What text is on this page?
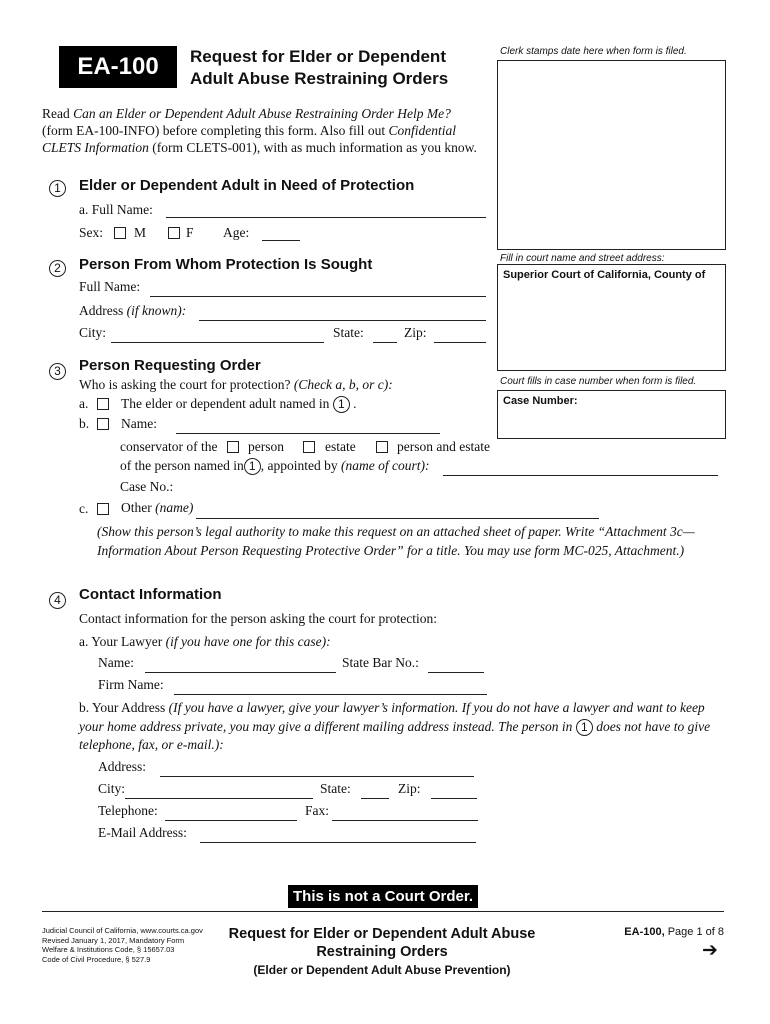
EA-100	Request for Elder or Dependent
Adult Abuse Restraining Orders
Clerk stamps date here when form is filed.
Fill in court name and street address:
Superior Court of California, County of
Court fills in case number when form is filed.
Case Number:
Read Can an Elder or Dependent Adult Abuse Restraining Order Help Me? (form EA-100-INFO) before completing this form. Also fill out Confidential CLETS Information (form CLETS-001), with as much information as you know.
1	Elder or Dependent Adult in Need of Protection
a. Full Name:
Sex: M	F Age:
2	Person From Whom Protection Is Sought
Full Name:
Address (if known):
City:	State:	Zip:
3	Person Requesting Order
Who is asking the court for protection? (Check a, b, or c):
a. The elder or dependent adult named in 1 .
b. Name:
conservator of the person	estate	person and estate
of the person named in 1 , appointed by (name of court):
Case No.:
c. Other (name)
(Show this person’s legal authority to make this request on an attached sheet of paper. Write “Attachment 3c—Information About Person Requesting Protective Order” for a title. You may use form MC-025, Attachment.)
4	Contact Information
Contact information for the person asking the court for protection:
a. Your Lawyer (if you have one for this case):
Name:	State Bar No.:
Firm Name:
b. Your Address (If you have a lawyer, give your lawyer’s information. If you do not have a lawyer and want to keep your home address private, you may give a different mailing address instead. The person in 1 does not have to give telephone, fax, or e-mail.):
Address:
City:	State:	Zip:
Telephone:	Fax:
E-Mail Address:
This is not a Court Order.
Judicial Council of California, www.courts.ca.gov
Revised January 1, 2017, Mandatory Form
Welfare & Institutions Code, § 15657.03
Code of Civil Procedure, § 527.9
Request for Elder or Dependent Adult Abuse
Restraining Orders
(Elder or Dependent Adult Abuse Prevention)
EA-100, Page 1 of 8
➔
